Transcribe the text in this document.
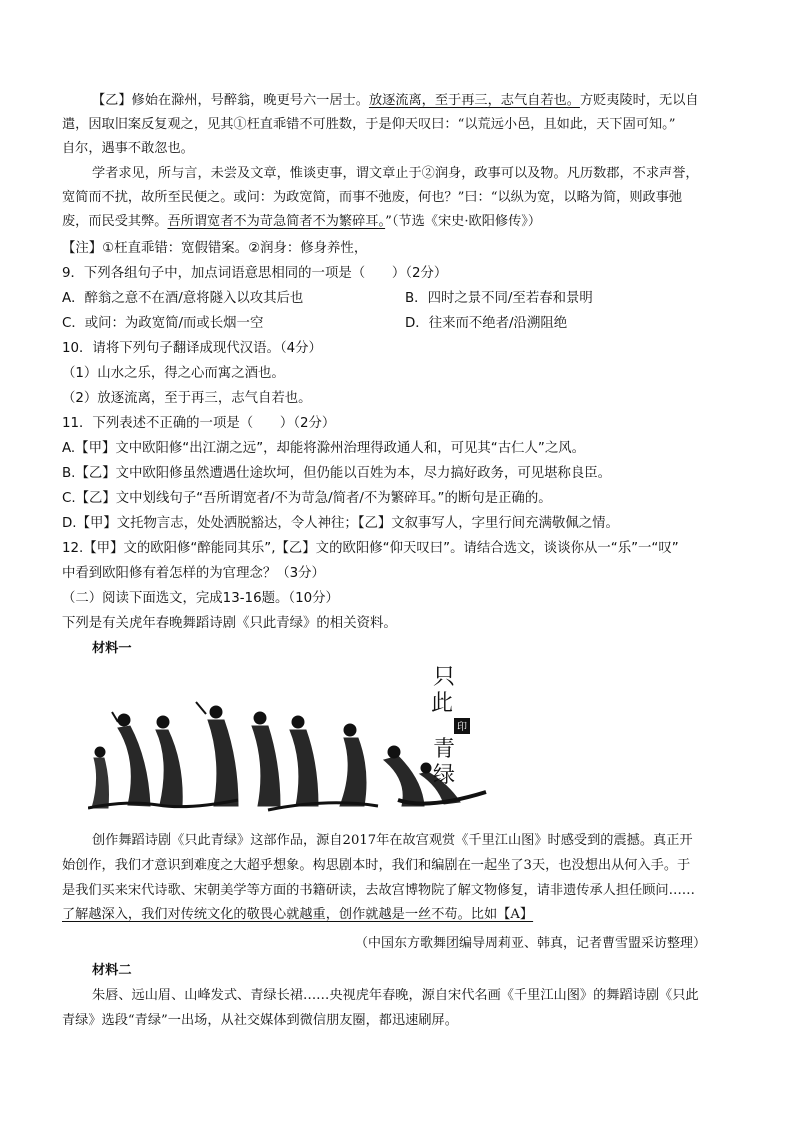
【乙】修始在滁州，号醉翁，晚更号六一居士。放逐流离，至于再三，志气自若也。方贬夷陵时，无以自
遣，因取旧案反复观之，见其①枉直乖错不可胜数，于是仰天叹曰：“以荒远小邑，且如此，天下固可知。”
自尔，遇事不敢忽也。
学者求见，所与言，未尝及文章，惟谈吏事，谓文章止于②润身，政事可以及物。凡历数郡，不求声誉，
宽简而不扰，故所至民便之。或问：为政宽简，而事不弛废，何也？”曰：“以纵为宽，以略为简，则政事弛
废，而民受其弊。吾所谓宽者不为苛急简者不为繁碎耳。”（节选《宋史·欧阳修传》）
【注】①枉直乖错：宽假错案。②润身：修身养性，
9．下列各组句子中，加点词语意思相同的一项是（　　）（2分）
A．醉翁之意不在酒/意将隧入以攻其后也	B．四时之景不同/至若春和景明
C．或问：为政宽简/而或长烟一空	D．往来而不绝者/沿溯阻绝
10．请将下列句子翻译成现代汉语。（4分）
（1）山水之乐，得之心而寓之酒也。
（2）放逐流离，至于再三，志气自若也。
11．下列表述不正确的一项是（　　）（2分）
A.【甲】文中欧阳修“出江湖之远”，却能将滁州治理得政通人和，可见其“古仁人”之风。
B.【乙】文中欧阳修虽然遭遇仕途坎坷，但仍能以百姓为本，尽力搞好政务，可见堪称良臣。
C.【乙】文中划线句子“吾所谓宽者/不为苛急/简者/不为繁碎耳。”的断句是正确的。
D.【甲】文托物言志，处处洒脱豁达，令人神往；【乙】文叙事写人，字里行间充满敬佩之情。
12.【甲】文的欧阳修“醉能同其乐”,【乙】文的欧阳修“仰天叹曰”。请结合选文，谈谈你从一“乐”一“叹”
中看到欧阳修有着怎样的为官理念？（3分）
（二）阅读下面选文，完成13-16题。（10分）
下列是有关虎年春晚舞蹈诗剧《只此青绿》的相关资料。
材料一
只
此
青
绿
印
创作舞蹈诗剧《只此青绿》这部作品，源自2017年在故宫观赏《千里江山图》时感受到的震撼。真正开
始创作，我们才意识到难度之大超乎想象。构思剧本时，我们和编剧在一起坐了3天，也没想出从何入手。于
是我们买来宋代诗歌、宋朝美学等方面的书籍研读，去故宫博物院了解文物修复，请非遗传承人担任顾问……
了解越深入，我们对传统文化的敬畏心就越重，创作就越是一丝不苟。比如【A】
（中国东方歌舞团编导周莉亚、韩真，记者曹雪盟采访整理）
材料二
朱唇、远山眉、山峰发式、青绿长裙……央视虎年春晚，源自宋代名画《千里江山图》的舞蹈诗剧《只此
青绿》选段“青绿”一出场，从社交媒体到微信朋友圈，都迅速刷屏。
